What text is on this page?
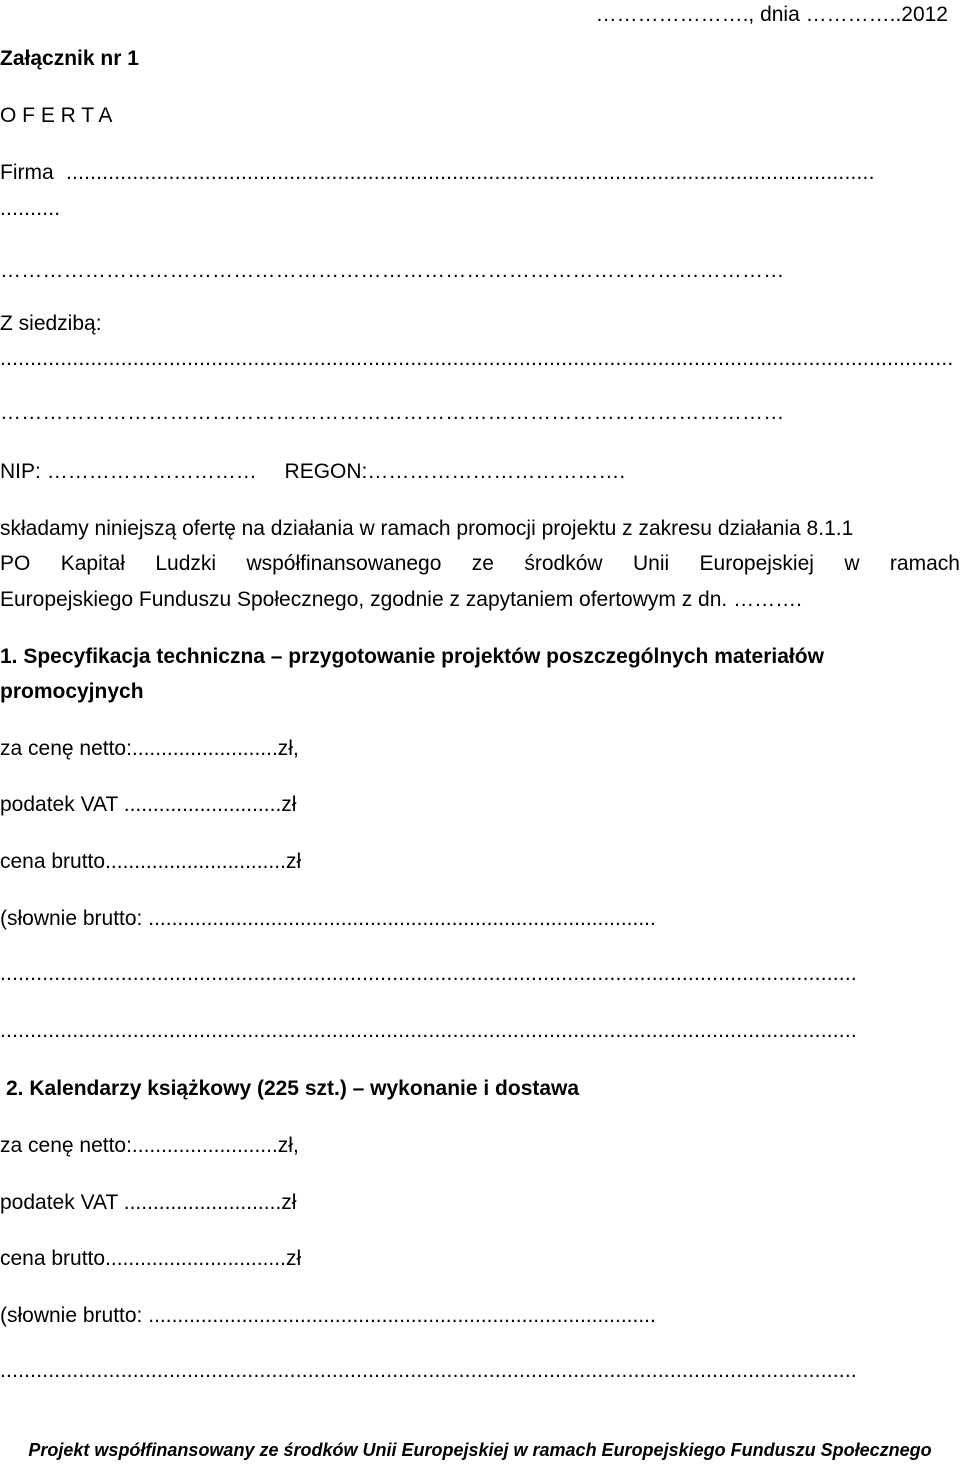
…………………., dnia …………..2012
Załącznik nr 1
O F E R T A
Firma ......................................................................................................................................
..........
…………………………………………………………………………………………………
Z siedzibą:
..............................................................................................................................................................
…………………………………………………………………………………………………
NIP: ………………………… REGON:……………………………….
składamy niniejszą ofertę na działania w ramach promocji projektu z zakresu działania 8.1.1
PO Kapitał Ludzki współfinansowanego ze środków Unii Europejskiej w ramach
Europejskiego Funduszu Społecznego, zgodnie z zapytaniem ofertowym z dn. ……….
1. Specyfikacja techniczna – przygotowanie projektów poszczególnych materiałów
promocyjnych
za cenę netto:.........................zł,
podatek VAT ...........................zł
cena brutto...............................zł
(słownie brutto: .......................................................................................
..............................................................................................................................................
..............................................................................................................................................
2. Kalendarzy książkowy (225 szt.) – wykonanie i dostawa
za cenę netto:.........................zł,
podatek VAT ...........................zł
cena brutto...............................zł
(słownie brutto: .......................................................................................
..............................................................................................................................................
Projekt współfinansowany ze środków Unii Europejskiej w ramach Europejskiego Funduszu Społecznego
